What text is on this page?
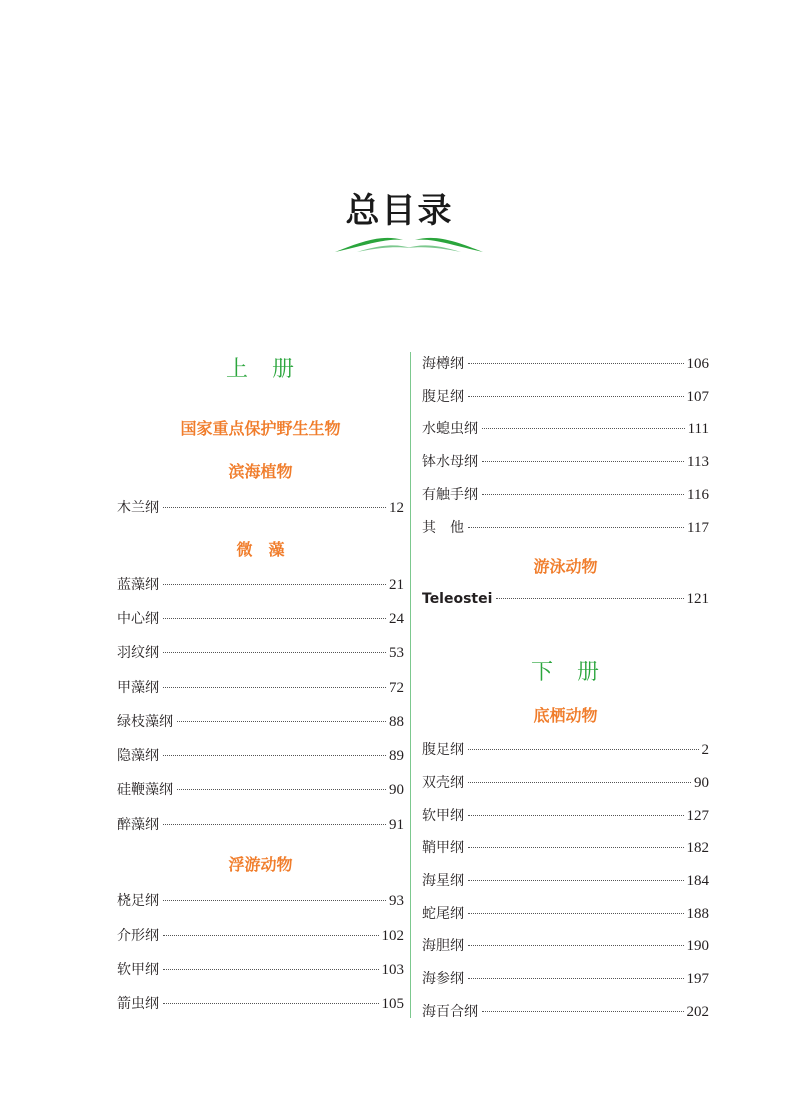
总目录
上　册
国家重点保护野生生物
滨海植物
木兰纲	12
微　藻
蓝藻纲	21
中心纲	24
羽纹纲	53
甲藻纲	72
绿枝藻纲	88
隐藻纲	89
硅鞭藻纲	90
醉藻纲	91
浮游动物
桡足纲	93
介形纲	102
软甲纲	103
箭虫纲	105
海樽纲	106
腹足纲	107
水螅虫纲	111
钵水母纲	113
有触手纲	116
其　他	117
游泳动物
Teleostei	121
下　册
底栖动物
腹足纲	2
双壳纲	90
软甲纲	127
鞘甲纲	182
海星纲	184
蛇尾纲	188
海胆纲	190
海参纲	197
海百合纲	202
